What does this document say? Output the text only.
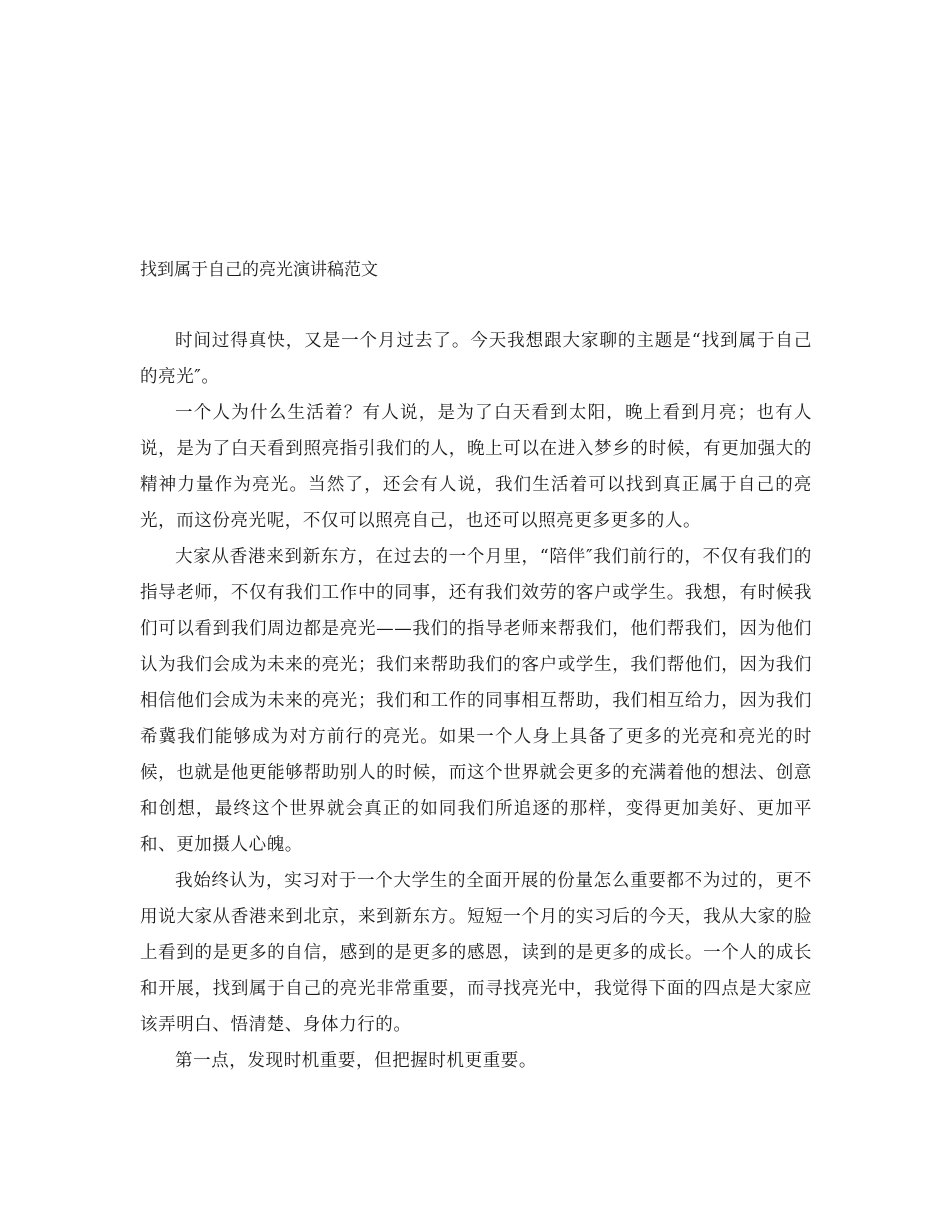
找到属于自己的亮光演讲稿范文

时间过得真快，又是一个月过去了。今天我想跟大家聊的主题是“找到属于自己的亮光″。

一个人为什么生活着？有人说，是为了白天看到太阳，晚上看到月亮；也有人说，是为了白天看到照亮指引我们的人，晚上可以在进入梦乡的时候，有更加强大的精神力量作为亮光。当然了，还会有人说，我们生活着可以找到真正属于自己的亮光，而这份亮光呢，不仅可以照亮自己，也还可以照亮更多更多的人。

大家从香港来到新东方，在过去的一个月里，“陪伴″我们前行的，不仅有我们的指导老师，不仅有我们工作中的同事，还有我们效劳的客户或学生。我想，有时候我们可以看到我们周边都是亮光——我们的指导老师来帮我们，他们帮我们，因为他们认为我们会成为未来的亮光；我们来帮助我们的客户或学生，我们帮他们，因为我们相信他们会成为未来的亮光；我们和工作的同事相互帮助，我们相互给力，因为我们希冀我们能够成为对方前行的亮光。如果一个人身上具备了更多的光亮和亮光的时候，也就是他更能够帮助别人的时候，而这个世界就会更多的充满着他的想法、创意和创想，最终这个世界就会真正的如同我们所追逐的那样，变得更加美好、更加平和、更加摄人心魄。

我始终认为，实习对于一个大学生的全面开展的份量怎么重要都不为过的，更不用说大家从香港来到北京，来到新东方。短短一个月的实习后的今天，我从大家的脸上看到的是更多的自信，感到的是更多的感恩，读到的是更多的成长。一个人的成长和开展，找到属于自己的亮光非常重要，而寻找亮光中，我觉得下面的四点是大家应该弄明白、悟清楚、身体力行的。

第一点，发现时机重要，但把握时机更重要。
